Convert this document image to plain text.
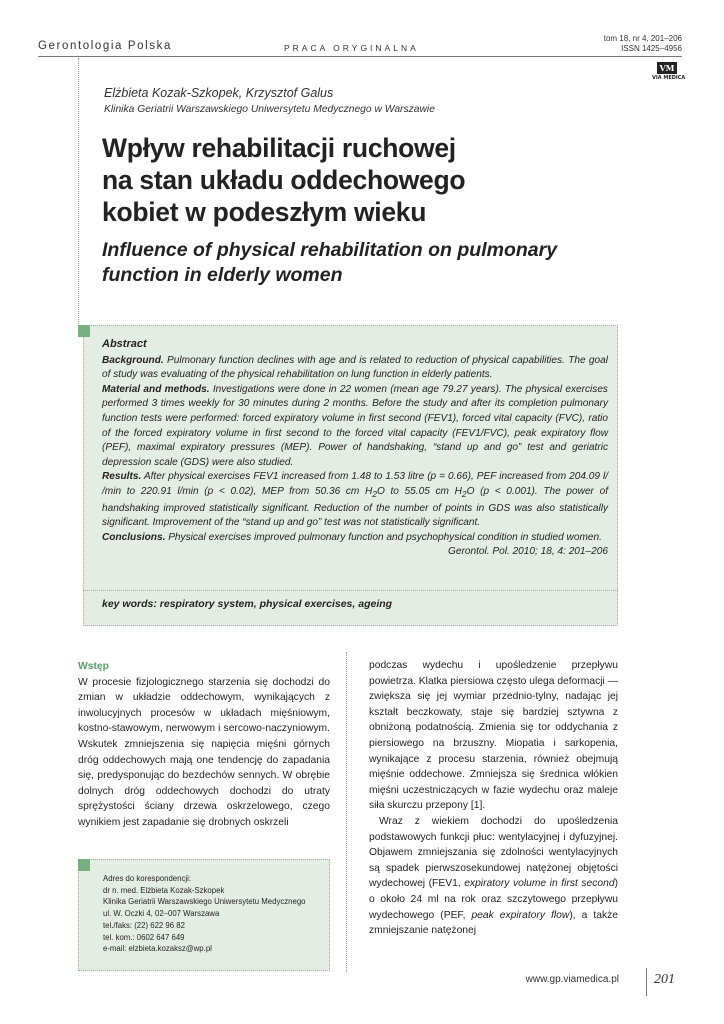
Gerontologia Polska	PRACA ORYGINALNA
tom 18, nr 4, 201–206
ISSN 1425–4956
VM
VIA MEDICA
Elżbieta Kozak-Szkopek, Krzysztof Galus
Klinika Geriatrii Warszawskiego Uniwersytetu Medycznego w Warszawie
Wpływ rehabilitacji ruchowej
na stan układu oddechowego
kobiet w podeszłym wieku
Influence of physical rehabilitation on pulmonary
function in elderly women

Abstract

Background. Pulmonary function declines with age and is related to reduction of physical capabilities. The goal of study was evaluating of the physical rehabilitation on lung function in elderly patients.

Material and methods. Investigations were done in 22 women (mean age 79.27 years). The physical exercises performed 3 times weekly for 30 minutes during 2 months. Before the study and after its completion pulmonary function tests were performed: forced expiratory volume in first second (FEV1), forced vital capacity (FVC), ratio of the forced expiratory volume in first second to the forced vital capacity (FEV1/FVC), peak expiratory flow (PEF), maximal expiratory pressures (MEP). Power of handshaking, “stand up and go” test and geriatric depression scale (GDS) were also studied.

Results. After physical exercises FEV1 increased from 1.48 to 1.53 litre (p = 0.66), PEF increased from 204.09 l/ /min to 220.91 l/min (p < 0.02), MEP from 50.36 cm $H_2O$ to 55.05 cm $H_2O$ (p < 0.001). The power of handshaking improved statistically significant. Reduction of the number of points in GDS was also statistically significant. Improvement of the “stand up and go” test was not statistically significant.

Conclusions. Physical exercises improved pulmonary function and psychophysical condition in studied women.

Gerontol. Pol. 2010; 18, 4: 201–206

key words: respiratory system, physical exercises, ageing
Wstęp

W procesie fizjologicznego starzenia się dochodzi do zmian w układzie oddechowym, wynikających z inwolucyjnych procesów w układach mięśniowym, kostno-stawowym, nerwowym i sercowo-naczyniowym. Wskutek zmniejszenia się napięcia mięśni górnych dróg oddechowych mają one tendencję do zapadania się, predysponując do bezdechów sennych. W obrębie dolnych dróg oddechowych dochodzi do utraty sprężystości ściany drzewa oskrzelowego, czego wynikiem jest zapadanie się drobnych oskrzeli

podczas wydechu i upośledzenie przepływu powietrza. Klatka piersiowa często ulega deformacji — zwiększa się jej wymiar przednio-tylny, nadając jej kształt beczkowaty, staje się bardziej sztywna z obniżoną podatnością. Zmienia się tor oddychania z piersiowego na brzuszny. Miopatia i sarkopenia, wynikające z procesu starzenia, również obejmują mięśnie oddechowe. Zmniejsza się średnica włókien mięśni uczestniczących w fazie wydechu oraz maleje siła skurczu przepony [1].

Wraz z wiekiem dochodzi do upośledzenia podstawowych funkcji płuc: wentylacyjnej i dyfuzyjnej. Objawem zmniejszania się zdolności wentylacyjnych są spadek pierwszosekundowej natężonej objętości wydechowej (FEV1, expiratory volume in first second) o około 24 ml na rok oraz szczytowego przepływu wydechowego (PEF, peak expiratory flow), a także zmniejszanie natężonej

Adres do korespondencji:
dr n. med. Elżbieta Kozak-Szkopek
Klinika Geriatrii Warszawskiego Uniwersytetu Medycznego
ul. W. Oczki 4, 02–007 Warszawa
tel./faks: (22) 622 96 82
tel. kom.: 0602 647 649
e-mail: elzbieta.kozaksz@wp.pl
www.gp.viamedica.pl	201
